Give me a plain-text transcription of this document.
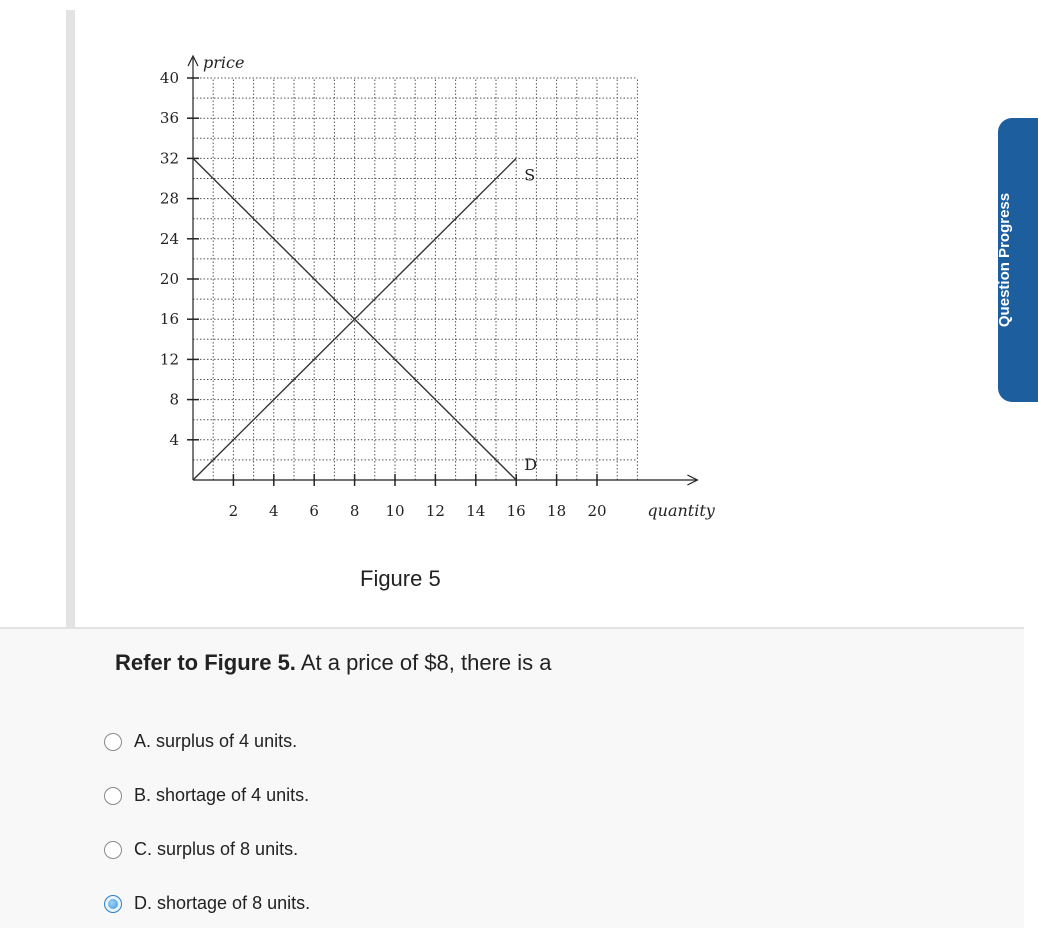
2 4 6 8 10 12 14 16 18 20
4
8
12
16
20
24
28
32
36
40
price
quantity
S
D
Figure 5
Refer to Figure 5. At a price of $8, there is a
A. surplus of 4 units.
B. shortage of 4 units.
C. surplus of 8 units.
D. shortage of 8 units.
Question Progress
